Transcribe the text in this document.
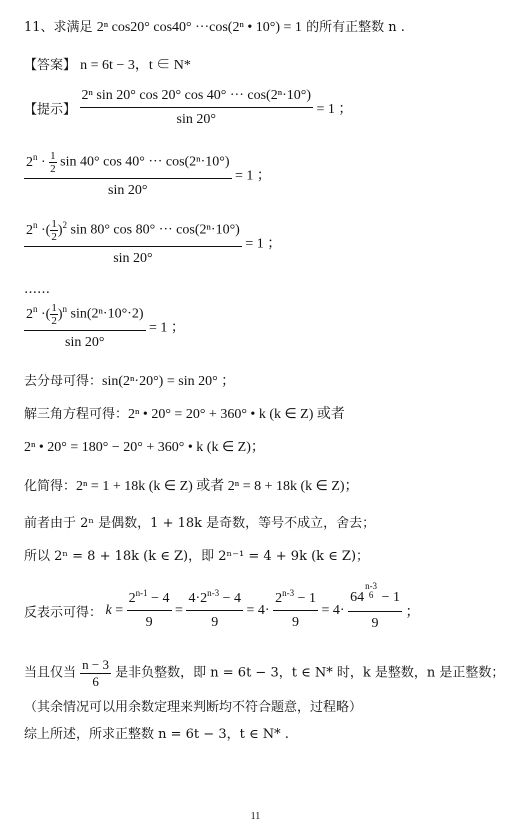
11、求满足 2ⁿ cos20° cos40° ···cos(2ⁿ • 10°) = 1 的所有正整数 n .
【答案】 n = 6t − 3，t ∈ N*
【提示】 $\frac{\text{2ⁿ sin 20° cos 20° cos 40° ··· cos(2ⁿ·10°)}}{\sin 20^\circ} = 1$ ；
$\frac{2^n \cdot \frac{1}{2} \sin 40^\circ \cos 40^\circ \cdot\cdot\cdot \cos(2^n\cdot 10^\circ)}{\sin 20^\circ} = 1$ ；
$\frac{2^n \cdot( \frac{1}{2} )^2 \sin 80^\circ \cos 80^\circ \cdot\cdot\cdot \cos(2^n\cdot 10^\circ)}{\sin 20^\circ} = 1$ ；
……
$\frac{2^n \cdot( \frac{1}{2} )^n \sin(2^n\cdot 10^\circ\cdot 2)}{\sin 20^\circ} = 1$ ；
去分母可得：sin(2ⁿ·20°) = sin 20° ；
解三角方程可得：2ⁿ • 20° = 20° + 360° • k (k ∈ Z) 或者
2ⁿ • 20° = 180° − 20° + 360° • k (k ∈ Z)；
化简得：2ⁿ = 1 + 18k (k ∈ Z) 或者 2ⁿ = 8 + 18k (k ∈ Z)；
前者由于 2ⁿ 是偶数，1 + 18k 是奇数，等号不成立，舍去；
所以 2ⁿ = 8 + 18k (k ∈ Z)，即 2ⁿ⁻¹ = 4 + 9k (k ∈ Z)；
反表示可得： $k = \frac{2^{n-1} - 4}{9} = \frac{4\cdot 2^{n-3} - 4}{9} = 4\cdot \frac{2^{n-3} - 1}{9} = 4\cdot 64$
$^{n-3 6}$ − 1
9 ；
当且仅当 $\frac{n - 3}{6}$ 是非负整数，即 n = 6t − 3，t ∈ N* 时，k 是整数，n 是正整数；
（其余情况可以用余数定理来判断均不符合题意，过程略）
综上所述，所求正整数 n = 6t − 3，t ∈ N* .
11
